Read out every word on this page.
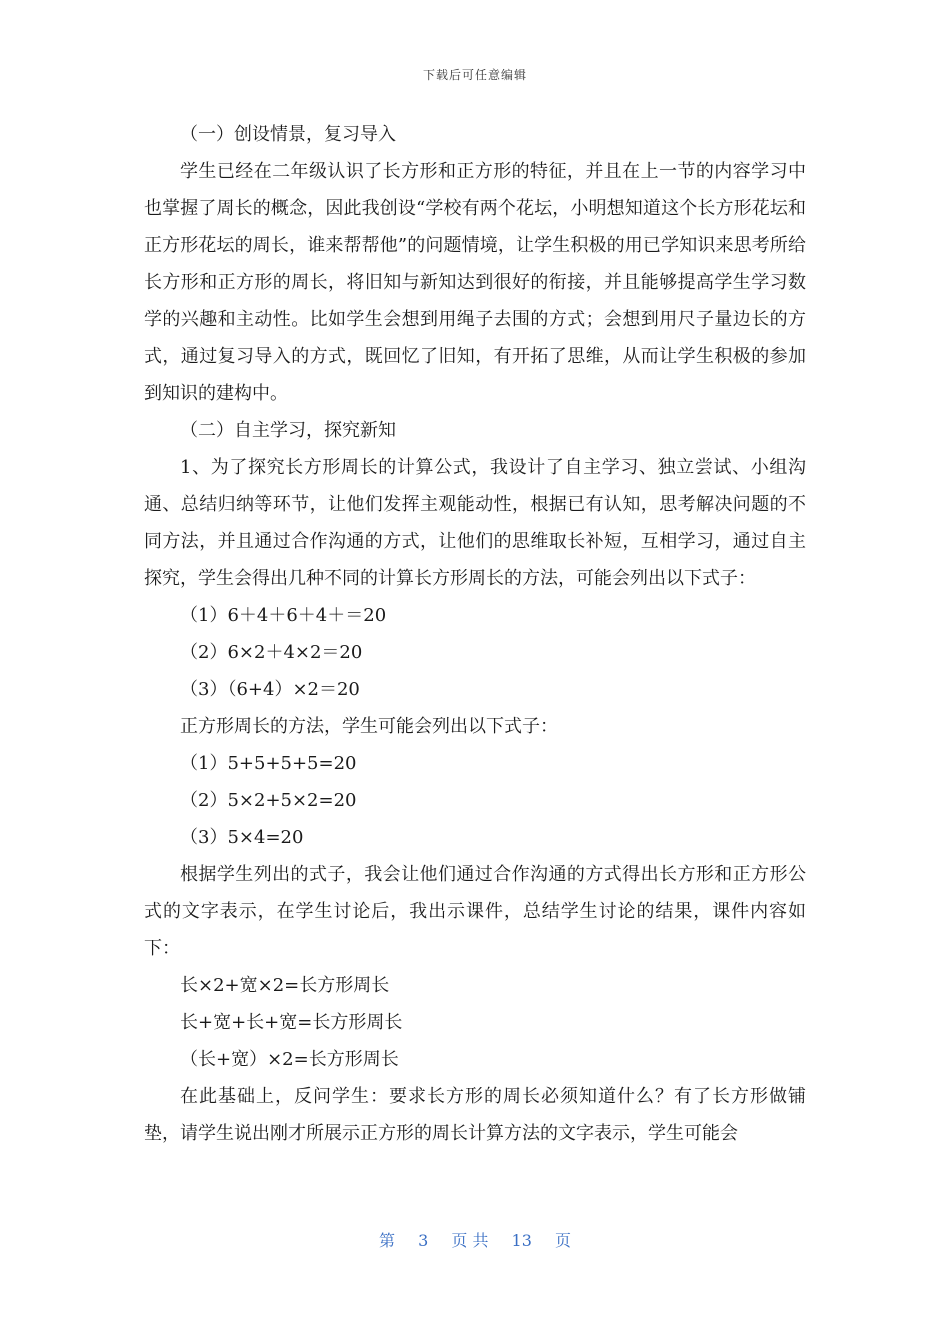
下载后可任意编辑

（一）创设情景，复习导入

学生已经在二年级认识了长方形和正方形的特征，并且在上一节的内容学习中也掌握了周长的概念，因此我创设“学校有两个花坛，小明想知道这个长方形花坛和正方形花坛的周长，谁来帮帮他”的问题情境，让学生积极的用已学知识来思考所给长方形和正方形的周长，将旧知与新知达到很好的衔接，并且能够提高学生学习数学的兴趣和主动性。比如学生会想到用绳子去围的方式；会想到用尺子量边长的方式，通过复习导入的方式，既回忆了旧知，有开拓了思维，从而让学生积极的参加到知识的建构中。

（二）自主学习，探究新知

1、为了探究长方形周长的计算公式，我设计了自主学习、独立尝试、小组沟通、总结归纳等环节，让他们发挥主观能动性，根据已有认知，思考解决问题的不同方法，并且通过合作沟通的方式，让他们的思维取长补短，互相学习，通过自主探究，学生会得出几种不同的计算长方形周长的方法，可能会列出以下式子：

（1）6＋4＋6＋4＋＝20

（2）6×2＋4×2＝20

（3）（6+4）×2＝20

正方形周长的方法，学生可能会列出以下式子：

（1）5+5+5+5=20

（2）5×2+5×2=20

（3）5×4=20

根据学生列出的式子，我会让他们通过合作沟通的方式得出长方形和正方形公式的文字表示，在学生讨论后，我出示课件，总结学生讨论的结果，课件内容如下：

长×2+宽×2=长方形周长

长+宽+长+宽=长方形周长

（长+宽）×2=长方形周长

在此基础上，反问学生：要求长方形的周长必须知道什么？有了长方形做铺垫，请学生说出刚才所展示正方形的周长计算方法的文字表示，学生可能会

第 3 页 共 13 页
